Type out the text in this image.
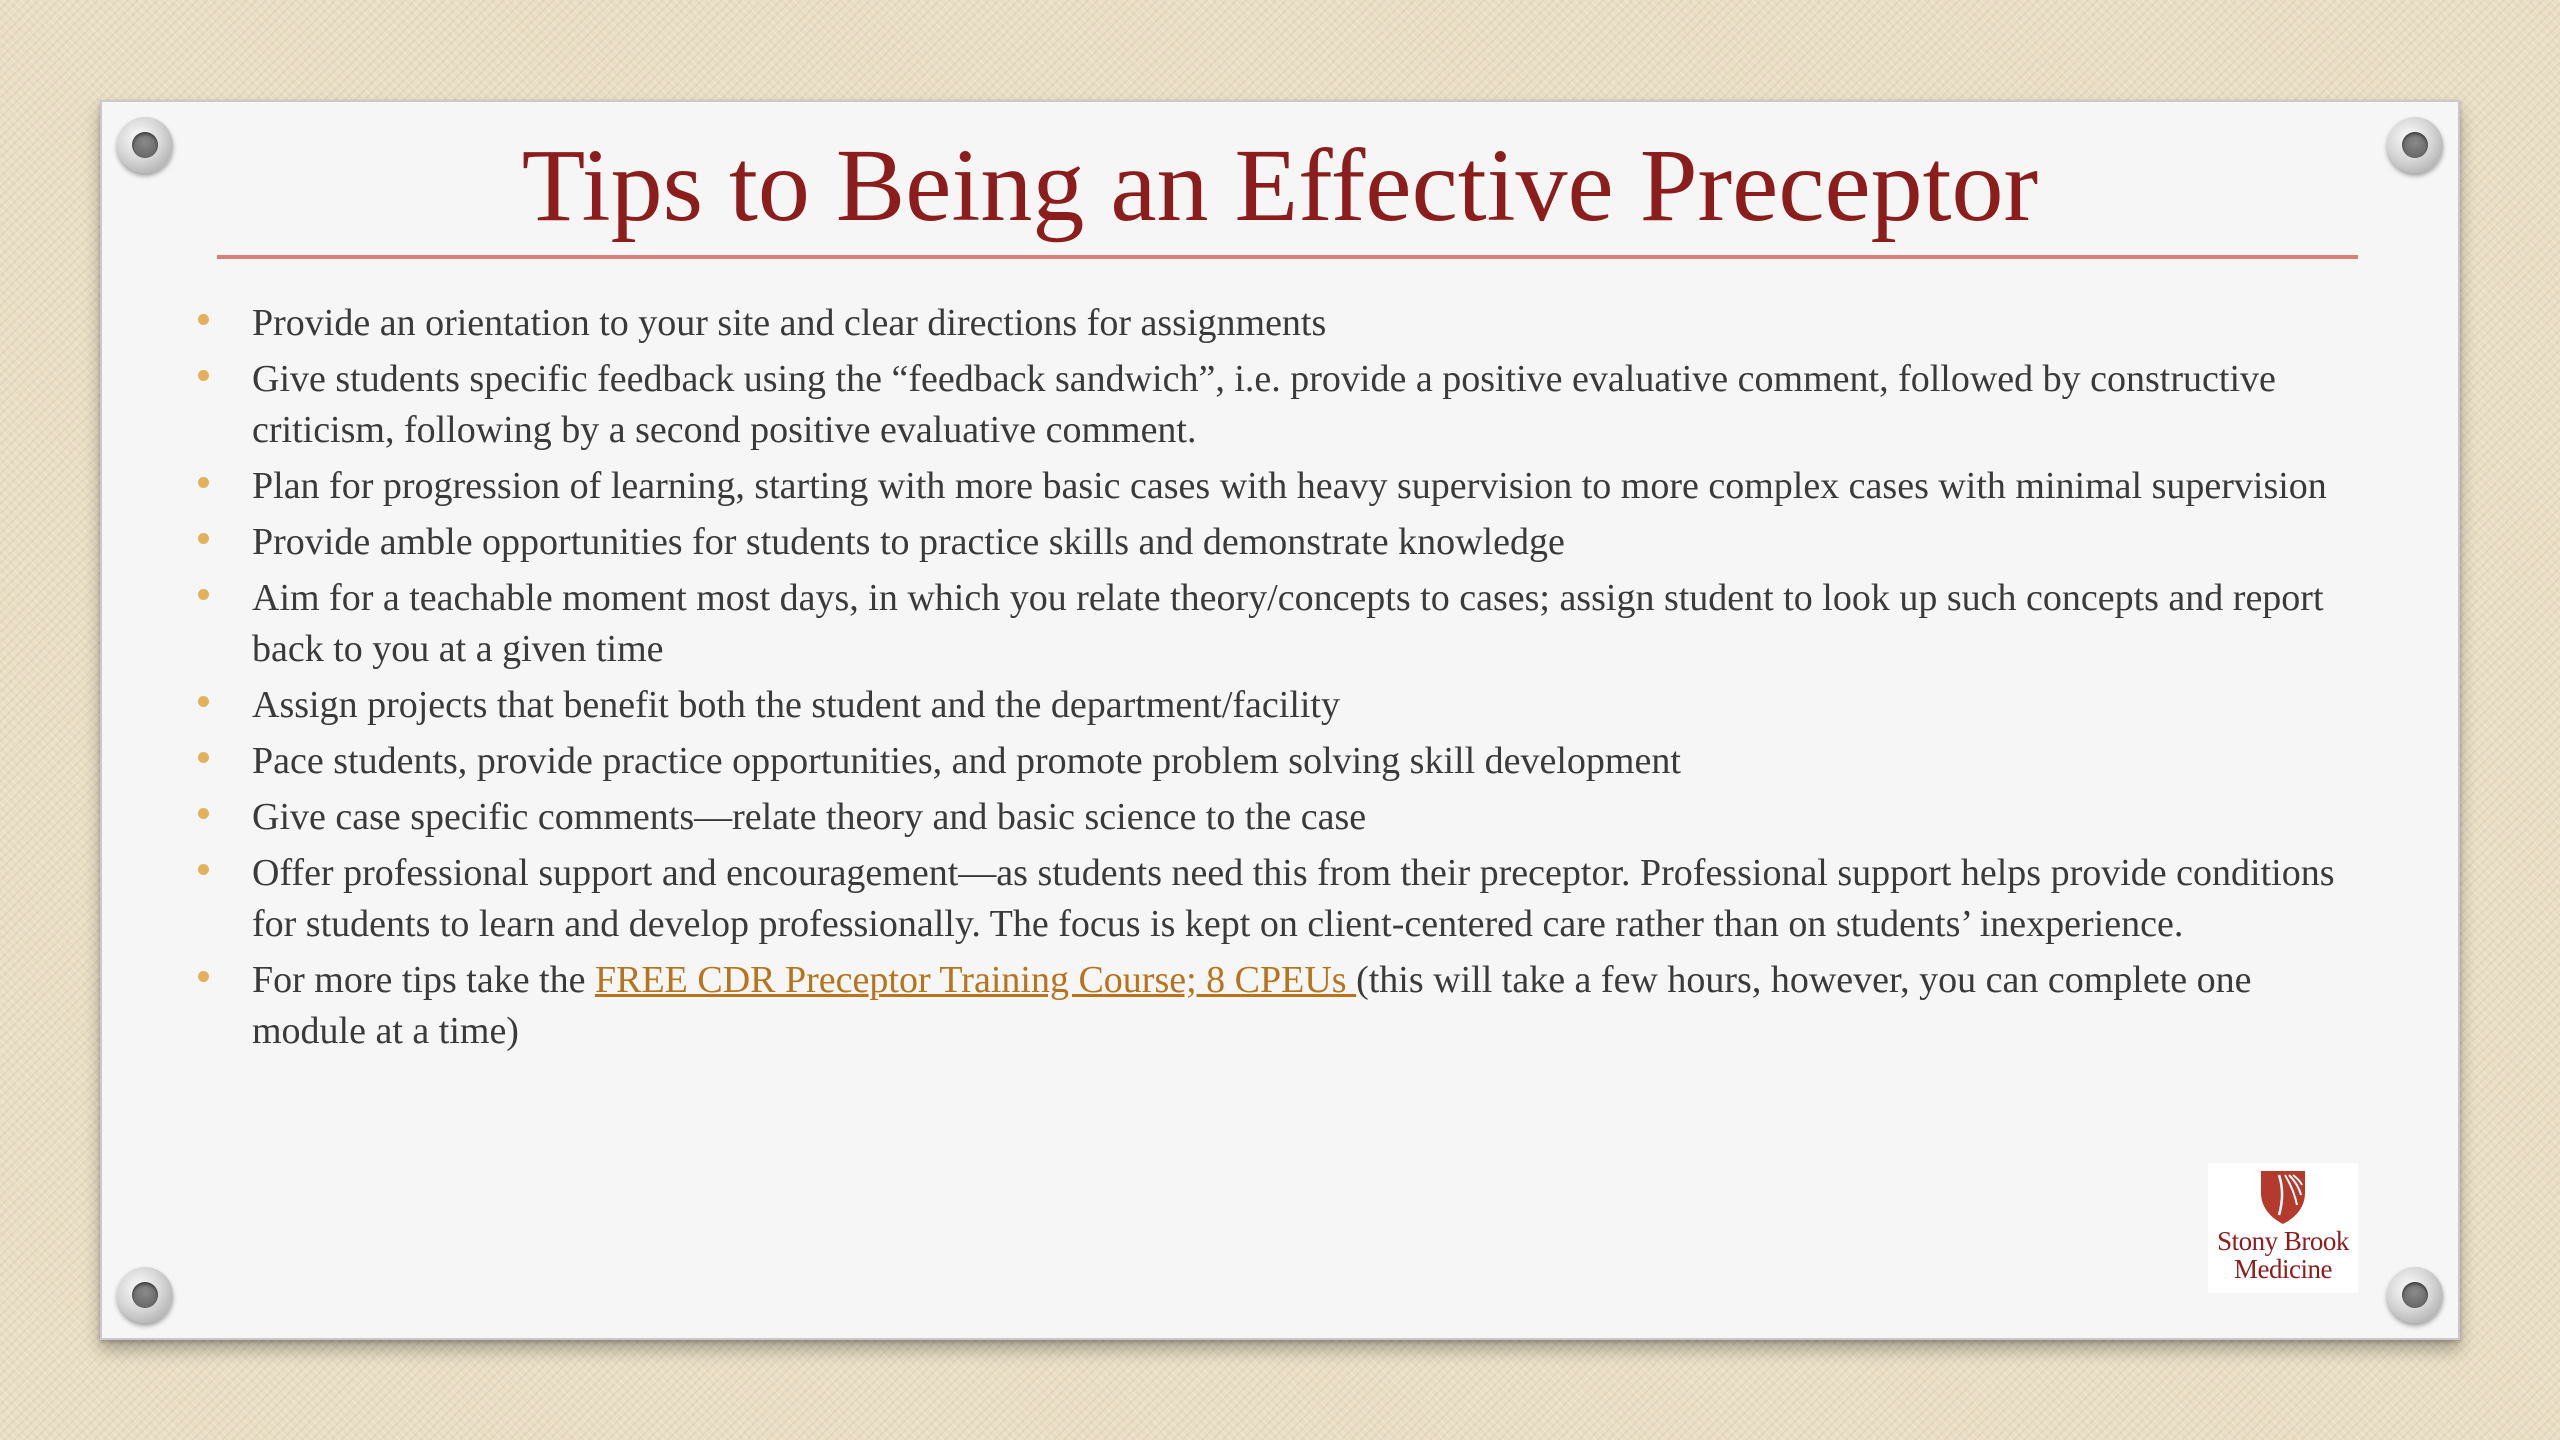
Tips to Being an Effective Preceptor
Provide an orientation to your site and clear directions for assignments
Give students specific feedback using the “feedback sandwich”, i.e. provide a positive evaluative comment, followed by constructive criticism, following by a second positive evaluative comment.
Plan for progression of learning, starting with more basic cases with heavy supervision to more complex cases with minimal supervision
Provide amble opportunities for students to practice skills and demonstrate knowledge
Aim for a teachable moment most days, in which you relate theory/concepts to cases; assign student to look up such concepts and report back to you at a given time
Assign projects that benefit both the student and the department/facility
Pace students, provide practice opportunities, and promote problem solving skill development
Give case specific comments—relate theory and basic science to the case
Offer professional support and encouragement—as students need this from their preceptor. Professional support helps provide conditions for students to learn and develop professionally. The focus is kept on client-centered care rather than on students’ inexperience.
For more tips take the FREE CDR Preceptor Training Course; 8 CPEUs (this will take a few hours, however, you can complete one module at a time)
Stony Brook
Medicine
